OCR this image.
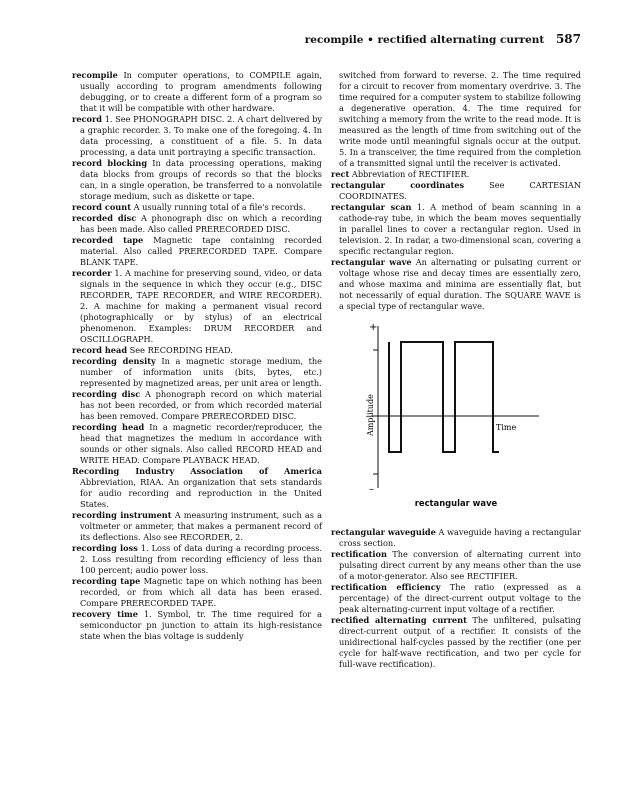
recompile • rectified alternating current 587

recompile In computer operations, to COMPILE again, usually according to program amendments following debugging, or to create a different form of a program so that it will be compatible with other hardware.

record 1. See PHONOGRAPH DISC. 2. A chart delivered by a graphic recorder. 3. To make one of the foregoing. 4. In data processing, a constituent of a file. 5. In data processing, a data unit portraying a specific transaction.

record blocking In data processing operations, making data blocks from groups of records so that the blocks can, in a single operation, be transferred to a nonvolatile storage medium, such as diskette or tape.

record count A usually running total of a file's records.

recorded disc A phonograph disc on which a recording has been made. Also called PRERECORDED DISC.

recorded tape Magnetic tape containing recorded material. Also called PRERECORDED TAPE. Compare BLANK TAPE.

recorder 1. A machine for preserving sound, video, or data signals in the sequence in which they occur (e.g., DISC RECORDER, TAPE RECORDER, and WIRE RECORDER). 2. A machine for making a permanent visual record (photographically or by stylus) of an electrical phenomenon. Examples: DRUM RECORDER and OSCILLOGRAPH.

record head See RECORDING HEAD.

recording density In a magnetic storage medium, the number of information units (bits, bytes, etc.) represented by magnetized areas, per unit area or length.

recording disc A phonograph record on which material has not been recorded, or from which recorded material has been removed. Compare PRERECORDED DISC.

recording head In a magnetic recorder/reproducer, the head that magnetizes the medium in accordance with sounds or other signals. Also called RECORD HEAD and WRITE HEAD. Compare PLAYBACK HEAD.

Recording Industry Association of America Abbreviation, RIAA. An organization that sets standards for audio recording and reproduction in the United States.

recording instrument A measuring instrument, such as a voltmeter or ammeter, that makes a permanent record of its deflections. Also see RECORDER, 2.

recording loss 1. Loss of data during a recording process. 2. Loss resulting from recording efficiency of less than 100 percent; audio power loss.

recording tape Magnetic tape on which nothing has been recorded, or from which all data has been erased. Compare PRERECORDED TAPE.

recovery time 1. Symbol, tr. The time required for a semiconductor pn junction to attain its high-resistance state when the bias voltage is suddenly

switched from forward to reverse. 2. The time required for a circuit to recover from momentary overdrive. 3. The time required for a computer system to stabilize following a degenerative operation. 4. The time required for switching a memory from the write to the read mode. It is measured as the length of time from switching out of the write mode until meaningful signals occur at the output. 5. In a transceiver, the time required from the completion of a transmitted signal until the receiver is activated.

rect Abbreviation of RECTIFIER.

rectangular coordinates	See CARTESIAN COORDINATES.

rectangular scan 1. A method of beam scanning in a cathode-ray tube, in which the beam moves sequentially in parallel lines to cover a rectangular region. Used in television. 2. In radar, a two-dimensional scan, covering a specific rectangular region.

rectangular wave An alternating or pulsating current or voltage whose rise and decay times are essentially zero, and whose maxima and minima are essentially flat, but not necessarily of equal duration. The SQUARE WAVE is a special type of rectangular wave.

+
–
Amplitude	Time
rectangular wave

rectangular waveguide A waveguide having a rectangular cross section.

rectification The conversion of alternating current into pulsating direct current by any means other than the use of a motor-generator. Also see RECTIFIER.

rectification efficiency The ratio (expressed as a percentage) of the direct-current output voltage to the peak alternating-current input voltage of a rectifier.

rectified alternating current The unfiltered, pulsating direct-current output of a rectifier. It consists of the unidirectional half-cycles passed by the rectifier (one per cycle for half-wave rectification, and two per cycle for full-wave rectification).
